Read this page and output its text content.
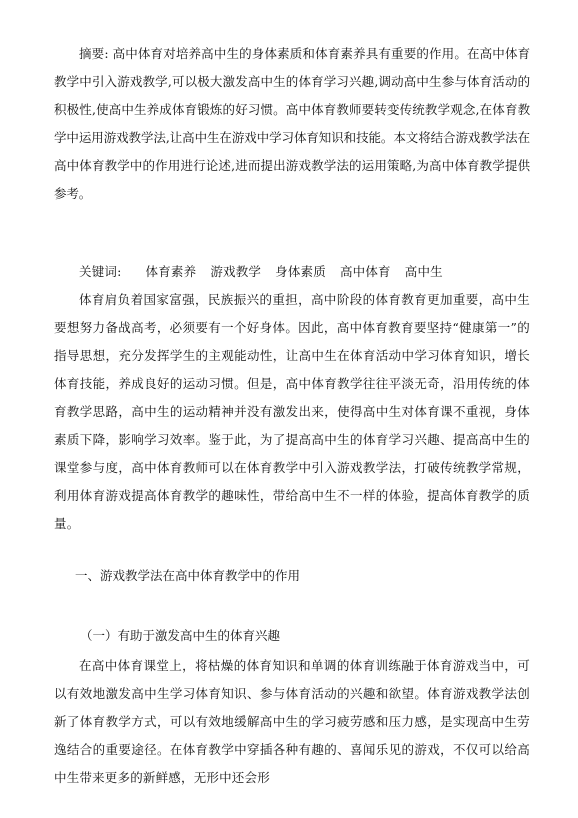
摘要: 高中体育对培养高中生的身体素质和体育素养具有重要的作用。在高中体育教学中引入游戏教学,可以极大激发高中生的体育学习兴趣,调动高中生参与体育活动的积极性,使高中生养成体育锻炼的好习惯。高中体育教师要转变传统教学观念,在体育教学中运用游戏教学法,让高中生在游戏中学习体育知识和技能。本文将结合游戏教学法在高中体育教学中的作用进行论述,进而提出游戏教学法的运用策略,为高中体育教学提供参考。

关键词: 体育素养 游戏教学 身体素质 高中体育 高中生

体育肩负着国家富强，民族振兴的重担，高中阶段的体育教育更加重要，高中生要想努力备战高考，必须要有一个好身体。因此，高中体育教育要坚持“健康第一”的指导思想，充分发挥学生的主观能动性，让高中生在体育活动中学习体育知识，增长体育技能，养成良好的运动习惯。但是，高中体育教学往往平淡无奇，沿用传统的体育教学思路，高中生的运动精神并没有激发出来，使得高中生对体育课不重视，身体素质下降，影响学习效率。鉴于此，为了提高高中生的体育学习兴趣、提高高中生的课堂参与度，高中体育教师可以在体育教学中引入游戏教学法，打破传统教学常规，利用体育游戏提高体育教学的趣味性，带给高中生不一样的体验，提高体育教学的质量。

一、游戏教学法在高中体育教学中的作用

（一）有助于激发高中生的体育兴趣

在高中体育课堂上，将枯燥的体育知识和单调的体育训练融于体育游戏当中，可以有效地激发高中生学习体育知识、参与体育活动的兴趣和欲望。体育游戏教学法创新了体育教学方式，可以有效地缓解高中生的学习疲劳感和压力感，是实现高中生劳逸结合的重要途径。在体育教学中穿插各种有趣的、喜闻乐见的游戏，不仅可以给高中生带来更多的新鲜感，无形中还会形
